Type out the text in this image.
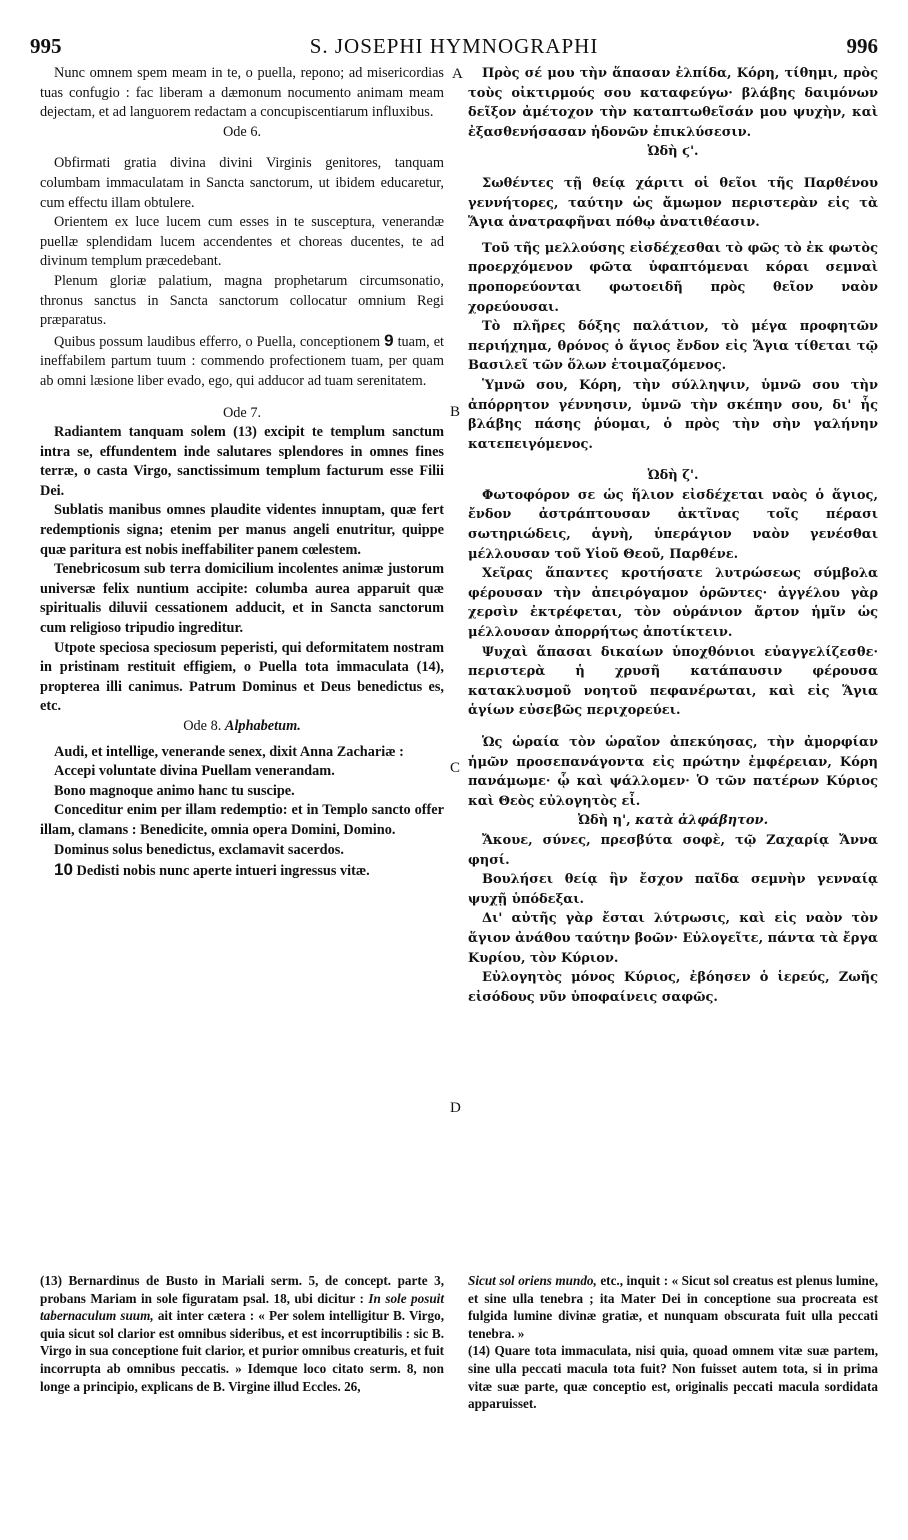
995	S. JOSEPHI HYMNOGRAPHI	996
A
B
C
D

Nunc omnem spem meam in te, o puella, repono; ad misericordias tuas confugio : fac liberam a dæmonum nocumento animam meam dejectam, et ad languorem redactam a concupiscentiarum influxibus.

Ode 6.

Obfirmati gratia divina divini Virginis genitores, tanquam columbam immaculatam in Sancta sanctorum, ut ibidem educaretur, cum effectu illam obtulere.

Orientem ex luce lucem cum esses in te susceptura, venerandæ puellæ splendidam lucem accendentes et choreas ducentes, te ad divinum templum præcedebant.

Plenum gloriæ palatium, magna prophetarum circumsonatio, thronus sanctus in Sancta sanctorum collocatur omnium Regi præparatus.

Quibus possum laudibus efferro, o Puella, conceptionem 9 tuam, et ineffabilem partum tuum : commendo profectionem tuam, per quam ab omni læsione liber evado, ego, qui adducor ad tuam serenitatem.

Ode 7.

Radiantem tanquam solem (13) excipit te templum sanctum intra se, effundentem inde salutares splendores in omnes fines terræ, o casta Virgo, sanctissimum templum facturum esse Filii Dei.

Sublatis manibus omnes plaudite videntes innuptam, quæ fert redemptionis signa; etenim per manus angeli enutritur, quippe quæ paritura est nobis ineffabiliter panem cœlestem.

Tenebricosum sub terra domicilium incolentes animæ justorum universæ felix nuntium accipite: columba aurea apparuit quæ spiritualis diluvii cessationem adducit, et in Sancta sanctorum cum religioso tripudio ingreditur.

Utpote speciosa speciosum peperisti, qui deformitatem nostram in pristinam restituit effigiem, o Puella tota immaculata (14), propterea illi canimus. Patrum Dominus et Deus benedictus es, etc.

Ode 8. Alphabetum.

Audi, et intellige, venerande senex, dixit Anna Zachariæ :

Accepi voluntate divina Puellam venerandam.

Bono magnoque animo hanc tu suscipe.

Conceditur enim per illam redemptio: et in Templo sancto offer illam, clamans : Benedicite, omnia opera Domini, Domino.

Dominus solus benedictus, exclamavit sacerdos.

10 Dedisti nobis nunc aperte intueri ingressus vitæ.

Πρὸς σέ μου τὴν ἅπασαν ἐλπίδα, Κόρη, τίθημι, πρὸς τοὺς οἰκτιρμούς σου καταφεύγω· βλάβης δαιμόνων δεῖξον ἀμέτοχον τὴν καταπτωθεῖσάν μου ψυχὴν, καὶ ἐξασθενήσασαν ἡδονῶν ἐπικλύσεσιν.

Ὠδὴ ϛ'.

Σωθέντες τῇ θείᾳ χάριτι οἱ θεῖοι τῆς Παρθένου γεννήτορες, ταύτην ὡς ἄμωμον περιστερὰν εἰς τὰ Ἅγια ἀνατραφῆναι πόθῳ ἀνατιθέασιν.

Τοῦ τῆς μελλούσης εἰσδέχεσθαι τὸ φῶς τὸ ἐκ φωτὸς προερχόμενον φῶτα ὑφαπτόμεναι κόραι σεμναὶ προπορεύονται φωτοειδῆ πρὸς θεῖον ναὸν χορεύουσαι.

Τὸ πλῆρες δόξης παλάτιον, τὸ μέγα προφητῶν περιήχημα, θρόνος ὁ ἅγιος ἔνδον εἰς Ἅγια τίθεται τῷ Βασιλεῖ τῶν ὅλων ἑτοιμαζόμενος.

Ὑμνῶ σου, Κόρη, τὴν σύλληψιν, ὑμνῶ σου τὴν ἀπόρρητον γέννησιν, ὑμνῶ τὴν σκέπην σου, δι' ἧς βλάβης πάσης ῥύομαι, ὁ πρὸς τὴν σὴν γαλήνην κατεπειγόμενος.

Ὠδὴ ζ'.

Φωτοφόρον σε ὡς ἥλιον εἰσδέχεται ναὸς ὁ ἅγιος, ἔνδον ἀστράπτουσαν ἀκτῖνας τοῖς πέρασι σωτηριώδεις, ἁγνὴ, ὑπεράγιον ναὸν γενέσθαι μέλλουσαν τοῦ Υἱοῦ Θεοῦ, Παρθένε.

Χεῖρας ἅπαντες κροτήσατε λυτρώσεως σύμβολα φέρουσαν τὴν ἀπειρόγαμον ὁρῶντες· ἀγγέλου γὰρ χερσὶν ἐκτρέφεται, τὸν οὐράνιον ἄρτον ἡμῖν ὡς μέλλουσαν ἀπορρήτως ἀποτίκτειν.

Ψυχαὶ ἅπασαι δικαίων ὑποχθόνιοι εὐαγγελίζεσθε· περιστερὰ ἡ χρυσῆ κατάπαυσιν φέρουσα κατακλυσμοῦ νοητοῦ πεφανέρωται, καὶ εἰς Ἅγια ἁγίων εὐσεβῶς περιχορεύει.

Ὡς ὡραία τὸν ὡραῖον ἀπεκύησας, τὴν ἀμορφίαν ἡμῶν προσεπανάγοντα εἰς πρώτην ἐμφέρειαν, Κόρη πανάμωμε· ᾧ καὶ ψάλλομεν· Ὁ τῶν πατέρων Κύριος καὶ Θεὸς εὐλογητὸς εἶ.

Ὠδὴ η', κατὰ ἀλφάβητον.

Ἄκουε, σύνες, πρεσβύτα σοφὲ, τῷ Ζαχαρίᾳ Ἄννα φησί.

Βουλήσει θείᾳ ἣν ἔσχον παῖδα σεμνὴν γενναίᾳ ψυχῇ ὑπόδεξαι.

Δι' αὐτῆς γὰρ ἔσται λύτρωσις, καὶ εἰς ναὸν τὸν ἅγιον ἀνάθου ταύτην βοῶν· Εὐλογεῖτε, πάντα τὰ ἔργα Κυρίου, τὸν Κύριον.

Εὐλογητὸς μόνος Κύριος, ἐβόησεν ὁ ἱερεύς, Ζωῆς εἰσόδους νῦν ὑποφαίνεις σαφῶς.

(13) Bernardinus de Busto in Mariali serm. 5, de concept. parte 3, probans Mariam in sole figuratam psal. 18, ubi dicitur : In sole posuit tabernaculum suum, ait inter cætera : « Per solem intelligitur B. Virgo, quia sicut sol clarior est omnibus sideribus, et est incorruptibilis : sic B. Virgo in sua conceptione fuit clarior, et purior omnibus creaturis, et fuit incorrupta ab omnibus peccatis. » Idemque loco citato serm. 8, non longe a principio, explicans de B. Virgine illud Eccles. 26,

Sicut sol oriens mundo, etc., inquit : « Sicut sol creatus est plenus lumine, et sine ulla tenebra ; ita Mater Dei in conceptione sua procreata est fulgida lumine divinæ gratiæ, et nunquam obscurata fuit ulla peccati tenebra. »

(14) Quare tota immaculata, nisi quia, quoad omnem vitæ suæ partem, sine ulla peccati macula tota fuit? Non fuisset autem tota, si in prima vitæ suæ parte, quæ conceptio est, originalis peccati macula sordidata apparuisset.
